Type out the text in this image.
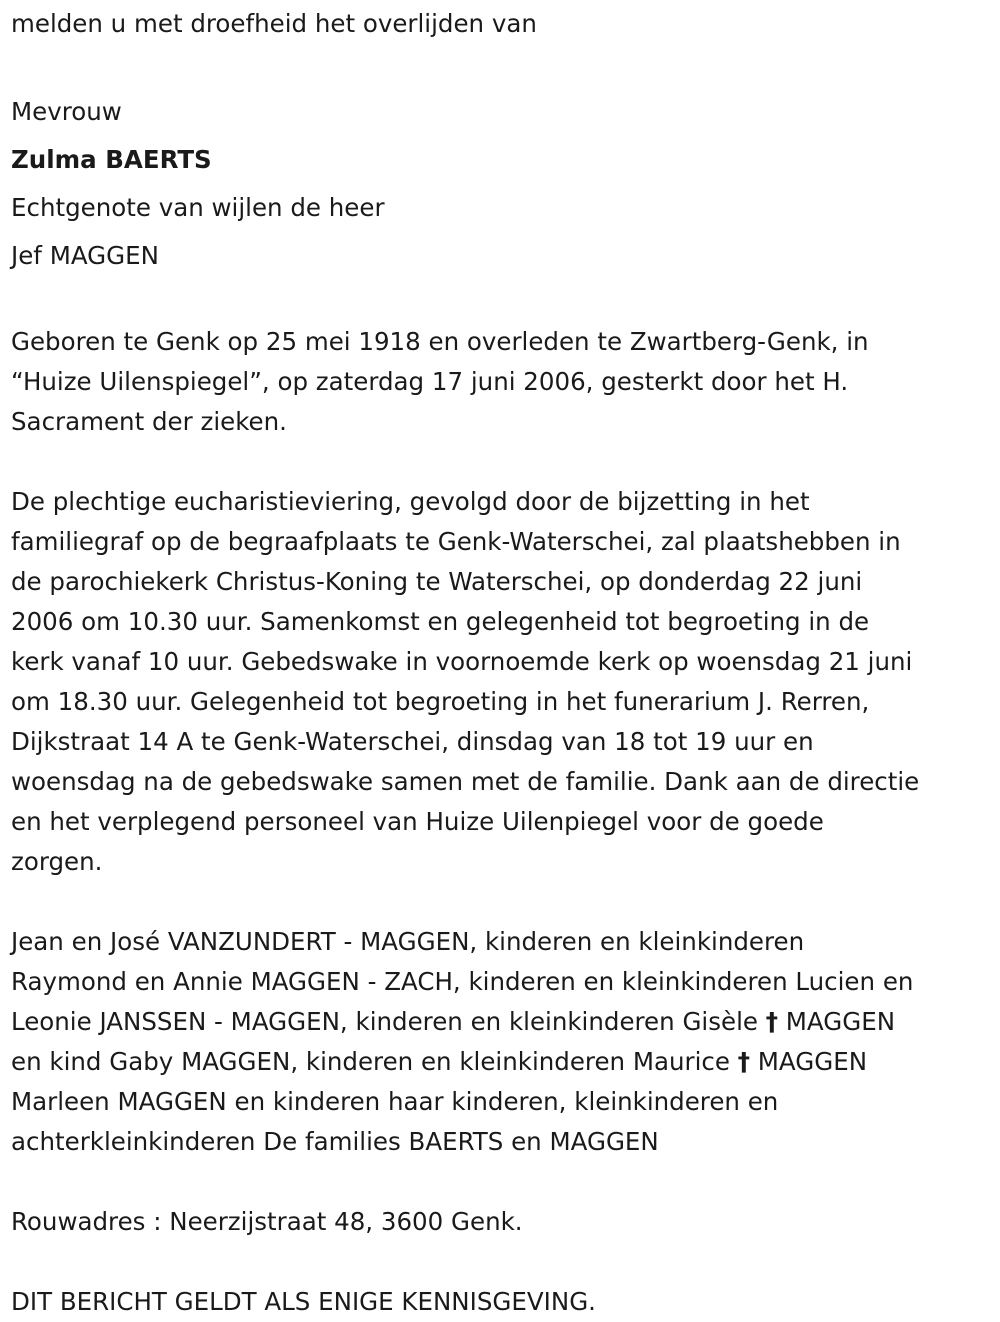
melden u met droefheid het overlijden van
Mevrouw
Zulma BAERTS
Echtgenote van wijlen de heer
Jef MAGGEN
Geboren te Genk op 25 mei 1918 en overleden te Zwartberg-Genk, in
“Huize Uilenspiegel”, op zaterdag 17 juni 2006, gesterkt door het H.
Sacrament der zieken.
De plechtige eucharistieviering, gevolgd door de bijzetting in het
familiegraf op de begraafplaats te Genk-Waterschei, zal plaatshebben in
de parochiekerk Christus-Koning te Waterschei, op donderdag 22 juni
2006 om 10.30 uur. Samenkomst en gelegenheid tot begroeting in de
kerk vanaf 10 uur. Gebedswake in voornoemde kerk op woensdag 21 juni
om 18.30 uur. Gelegenheid tot begroeting in het funerarium J. Rerren,
Dijkstraat 14 A te Genk-Waterschei, dinsdag van 18 tot 19 uur en
woensdag na de gebedswake samen met de familie. Dank aan de directie
en het verplegend personeel van Huize Uilenpiegel voor de goede
zorgen.
Jean en José VANZUNDERT - MAGGEN, kinderen en kleinkinderen
Raymond en Annie MAGGEN - ZACH, kinderen en kleinkinderen Lucien en
Leonie JANSSEN - MAGGEN, kinderen en kleinkinderen Gisèle † MAGGEN
en kind Gaby MAGGEN, kinderen en kleinkinderen Maurice † MAGGEN
Marleen MAGGEN en kinderen haar kinderen, kleinkinderen en
achterkleinkinderen De families BAERTS en MAGGEN
Rouwadres : Neerzijstraat 48, 3600 Genk.
DIT BERICHT GELDT ALS ENIGE KENNISGEVING.
